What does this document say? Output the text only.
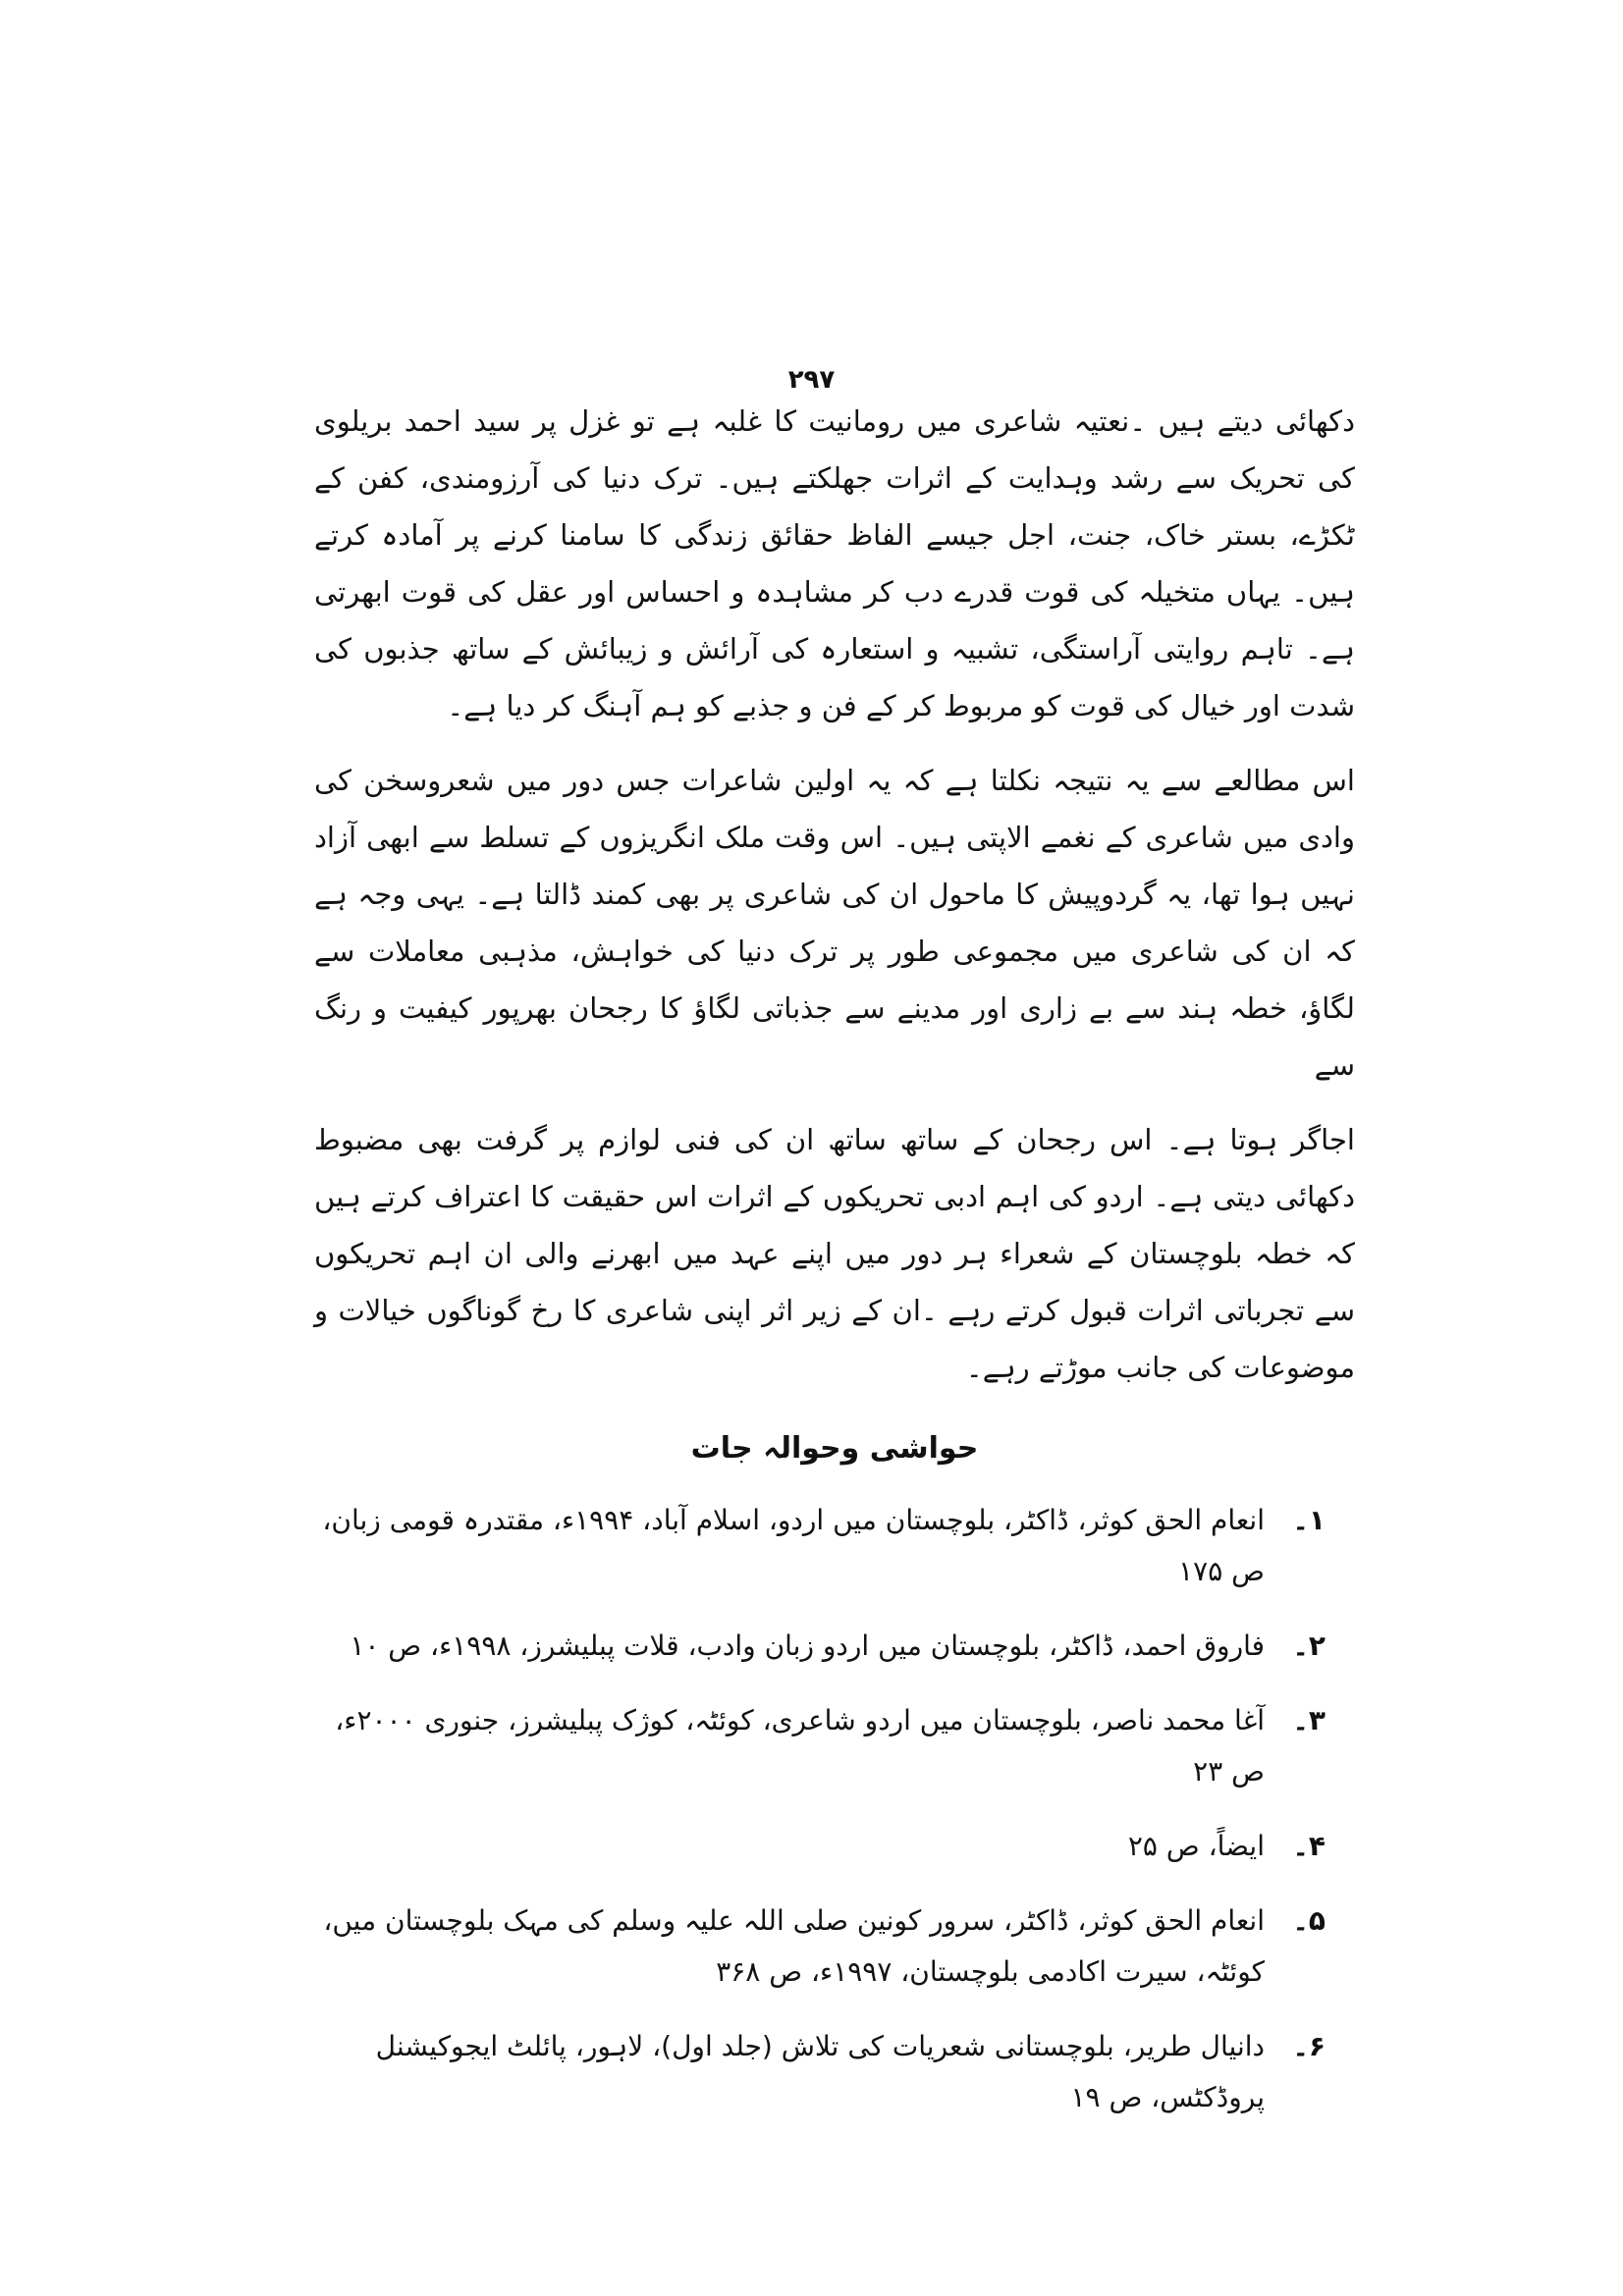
۲۹۷

دکھائی دیتے ہیں ۔نعتیہ شاعری میں رومانیت کا غلبہ ہے تو غزل پر سید احمد بریلوی کی تحریک سے رشد وہدایت کے اثرات جھلکتے ہیں۔ ترک دنیا کی آرزومندی، کفن کے ٹکڑے، بستر خاک، جنت، اجل جیسے الفاظ حقائق زندگی کا سامنا کرنے پر آمادہ کرتے ہیں۔ یہاں متخیلہ کی قوت قدرے دب کر مشاہدہ و احساس اور عقل کی قوت ابھرتی ہے۔ تاہم روایتی آراستگی، تشبیہ و استعارہ کی آرائش و زیبائش کے ساتھ جذبوں کی شدت اور خیال کی قوت کو مربوط کر کے فن و جذبے کو ہم آہنگ کر دیا ہے۔

اس مطالعے سے یہ نتیجہ نکلتا ہے کہ یہ اولین شاعرات جس دور میں شعروسخن کی وادی میں شاعری کے نغمے الاپتی ہیں۔ اس وقت ملک انگریزوں کے تسلط سے ابھی آزاد نہیں ہوا تھا، یہ گردوپیش کا ماحول ان کی شاعری پر بھی کمند ڈالتا ہے۔ یہی وجہ ہے کہ ان کی شاعری میں مجموعی طور پر ترک دنیا کی خواہش، مذہبی معاملات سے لگاؤ، خطہ ہند سے بے زاری اور مدینے سے جذباتی لگاؤ کا رجحان بھرپور کیفیت و رنگ سے

اجاگر ہوتا ہے۔ اس رجحان کے ساتھ ساتھ ان کی فنی لوازم پر گرفت بھی مضبوط دکھائی دیتی ہے۔ اردو کی اہم ادبی تحریکوں کے اثرات اس حقیقت کا اعتراف کرتے ہیں کہ خطہ بلوچستان کے شعراء ہر دور میں اپنے عہد میں ابھرنے والی ان اہم تحریکوں سے تجرباتی اثرات قبول کرتے رہے ۔ان کے زیر اثر اپنی شاعری کا رخ گوناگوں خیالات و موضوعات کی جانب موڑتے رہے۔

حواشی وحوالہ جات
۱۔
انعام الحق کوثر، ڈاکٹر، بلوچستان میں اردو، اسلام آباد، ۱۹۹۴ء، مقتدرہ قومی زبان، ص ۱۷۵
۲۔
فاروق احمد، ڈاکٹر، بلوچستان میں اردو زبان وادب، قلات پبلیشرز، ۱۹۹۸ء، ص ۱۰
۳۔
آغا محمد ناصر، بلوچستان میں اردو شاعری، کوئٹہ، کوژک پبلیشرز، جنوری ۲۰۰۰ء، ص ۲۳
۴۔
ایضاً، ص ۲۵
۵۔
انعام الحق کوثر، ڈاکٹر، سرور کونین صلی اللہ علیہ وسلم کی مہک بلوچستان میں، کوئٹہ، سیرت اکادمی بلوچستان، ۱۹۹۷ء، ص ۳۶۸
۶۔
دانیال طریر، بلوچستانی شعریات کی تلاش (جلد اول)، لاہور، پائلٹ ایجوکیشنل پروڈکٹس، ص ۱۹
